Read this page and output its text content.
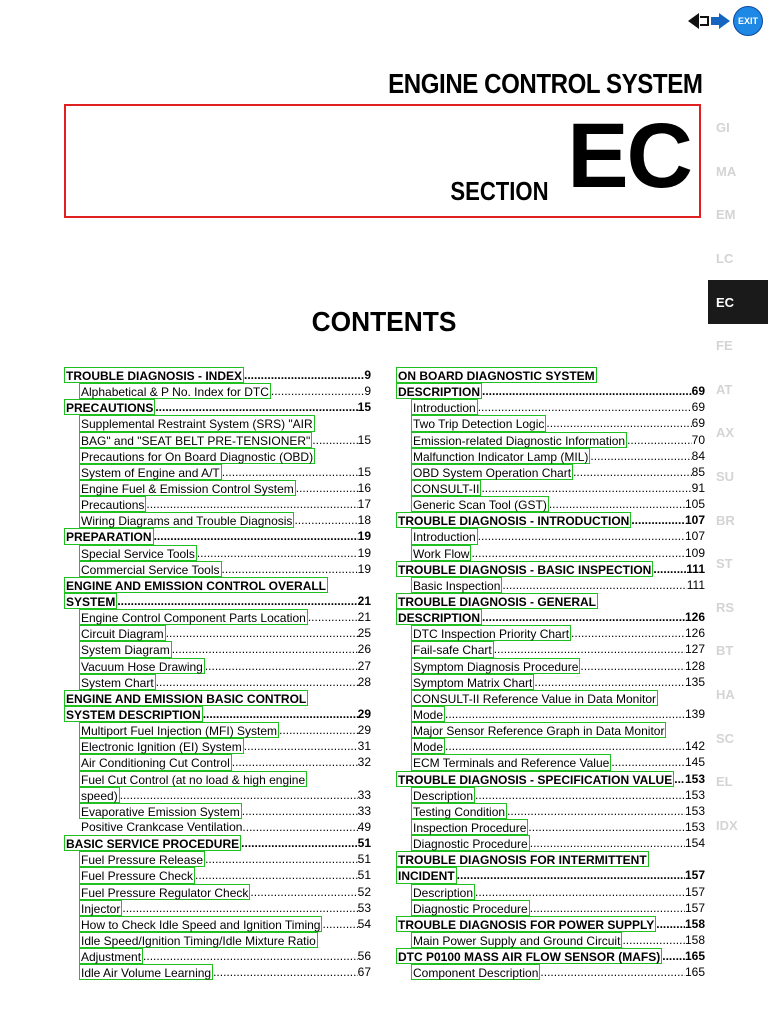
EXIT
ENGINE CONTROL SYSTEM
SECTION EC	GI
MA
EM
LC
EC
FE
AT
AX
SU
BR
ST
RS
BT
HA
SC
EL
IDX
CONTENTS
TROUBLE DIAGNOSIS - INDEX .....	9
Alphabetical & P No. Index for DTC .....	9
PRECAUTIONS .....	15
Supplemental Restraint System (SRS) "AIR
BAG" and "SEAT BELT PRE-TENSIONER" .....	15
Precautions for On Board Diagnostic (OBD)
System of Engine and A/T .....	15
Engine Fuel & Emission Control System .....	16
Precautions .....	17
Wiring Diagrams and Trouble Diagnosis .....	18
PREPARATION .....	19
Special Service Tools .....	19
Commercial Service Tools .....	19
ENGINE AND EMISSION CONTROL OVERALL
SYSTEM .....	21
Engine Control Component Parts Location .....	21
Circuit Diagram .....	25
System Diagram .....	26
Vacuum Hose Drawing .....	27
System Chart .....	28
ENGINE AND EMISSION BASIC CONTROL
SYSTEM DESCRIPTION .....	29
Multiport Fuel Injection (MFI) System .....	29
Electronic Ignition (EI) System .....	31
Air Conditioning Cut Control .....	32
Fuel Cut Control (at no load & high engine
speed) .....	33
Evaporative Emission System .....	33
Positive Crankcase Ventilation .....	49
BASIC SERVICE PROCEDURE .....	51
Fuel Pressure Release .....	51
Fuel Pressure Check .....	51
Fuel Pressure Regulator Check .....	52
Injector .....	53
How to Check Idle Speed and Ignition Timing .....	54
Idle Speed/Ignition Timing/Idle Mixture Ratio
Adjustment .....	56
Idle Air Volume Learning .....	67
ON BOARD DIAGNOSTIC SYSTEM
DESCRIPTION .....	69
Introduction .....	69
Two Trip Detection Logic .....	69
Emission-related Diagnostic Information .....	70
Malfunction Indicator Lamp (MIL) .....	84
OBD System Operation Chart .....	85
CONSULT-II .....	91
Generic Scan Tool (GST) .....	105
TROUBLE DIAGNOSIS - INTRODUCTION .....	107
Introduction .....	107
Work Flow .....	109
TROUBLE DIAGNOSIS - BASIC INSPECTION .....	111
Basic Inspection .....	111
TROUBLE DIAGNOSIS - GENERAL
DESCRIPTION .....	126
DTC Inspection Priority Chart .....	126
Fail-safe Chart .....	127
Symptom Diagnosis Procedure .....	128
Symptom Matrix Chart .....	135
CONSULT-II Reference Value in Data Monitor
Mode .....	139
Major Sensor Reference Graph in Data Monitor
Mode .....	142
ECM Terminals and Reference Value .....	145
TROUBLE DIAGNOSIS - SPECIFICATION VALUE ..... 153
Description .....	153
Testing Condition .....	153
Inspection Procedure .....	153
Diagnostic Procedure .....	154
TROUBLE DIAGNOSIS FOR INTERMITTENT
INCIDENT .....	157
Description .....	157
Diagnostic Procedure .....	157
TROUBLE DIAGNOSIS FOR POWER SUPPLY .....	158
Main Power Supply and Ground Circuit .....	158
DTC P0100 MASS AIR FLOW SENSOR (MAFS) ..... 165
Component Description .....	165
